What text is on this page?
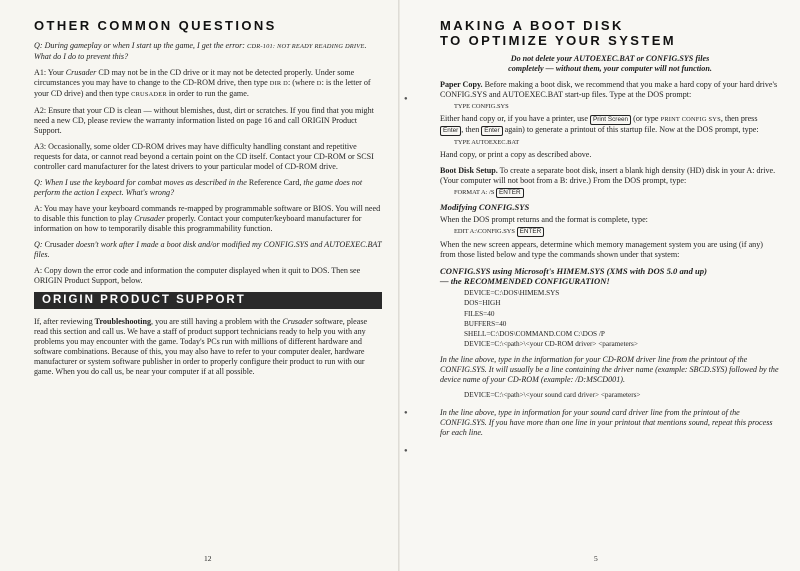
OTHER COMMON QUESTIONS

Q: During gameplay or when I start up the game, I get the error: CDR-101: NOT READY READING DRIVE. What do I do to prevent this?

A1: Your Crusader CD may not be in the CD drive or it may not be detected properly. Under some circumstances you may have to change to the CD-ROM drive, then type DIR D: (where D: is the letter of your CD drive) and then type CRUSADER in order to run the game.

A2: Ensure that your CD is clean — without blemishes, dust, dirt or scratches. If you find that you might need a new CD, please review the warranty information listed on page 16 and call ORIGIN Product Support.

A3: Occasionally, some older CD-ROM drives may have difficulty handling constant and repetitive requests for data, or cannot read beyond a certain point on the CD itself. Contact your CD-ROM or SCSI controller card manufacturer for the latest drivers to your particular model of CD-ROM drive.

Q: When I use the keyboard for combat moves as described in the Reference Card, the game does not perform the action I expect. What's wrong?

A: You may have your keyboard commands re-mapped by programmable software or BIOS. You will need to disable this function to play Crusader properly. Contact your computer/keyboard manufacturer for information on how to temporarily disable this programmability function.

Q: Crusader doesn't work after I made a boot disk and/or modified my CONFIG.SYS and AUTOEXEC.BAT files.

A: Copy down the error code and information the computer displayed when it quit to DOS. Then see ORIGIN Product Support, below.

ORIGIN PRODUCT SUPPORT

If, after reviewing Troubleshooting, you are still having a problem with the Crusader software, please read this section and call us. We have a staff of product support technicians ready to help you with any problems you may encounter with the game. Today's PCs run with millions of different hardware and software combinations. Because of this, you may also have to refer to your computer dealer, hardware manufacturer or system software publisher in order to properly configure their product to run with our game. When you do call us, be near your computer if at all possible.

12
MAKING A BOOT DISK
TO OPTIMIZE YOUR SYSTEM
Do not delete your AUTOEXEC.BAT or CONFIG.SYS files
completely — without them, your computer will not function.

Paper Copy. Before making a boot disk, we recommend that you make a hard copy of your hard drive's CONFIG.SYS and AUTOEXEC.BAT start-up files. Type at the DOS prompt:

TYPE CONFIG.SYS

Either hand copy or, if you have a printer, use Print Screen (or type PRINT CONFIG SYS, then press Enter , then Enter again) to generate a printout of this startup file. Now at the DOS prompt, type:

TYPE AUTOEXEC.BAT

Hand copy, or print a copy as described above.

Boot Disk Setup. To create a separate boot disk, insert a blank high density (HD) disk in your A: drive. (Your computer will not boot from a B: drive.) From the DOS prompt, type:

FORMAT A: /S ENTER
Modifying CONFIG.SYS

When the DOS prompt returns and the format is complete, type:

EDIT A:\CONFIG.SYS ENTER

When the new screen appears, determine which memory management system you are using (if any) from those listed below and type the commands shown under that system:

CONFIG.SYS using Microsoft's HIMEM.SYS (XMS with DOS 5.0 and up)
— the RECOMMENDED CONFIGURATION!
DEVICE=C:\DOS\HIMEM.SYS
DOS=HIGH
FILES=40
BUFFERS=40
SHELL=C:\DOS\COMMAND.COM C:\DOS /P
DEVICE=C:\<path>\<your CD-ROM driver> <parameters>

In the line above, type in the information for your CD-ROM driver line from the printout of the CONFIG.SYS. It will usually be a line containing the driver name (example: SBCD.SYS) followed by the device name of your CD-ROM (example: /D:MSCD001).

DEVICE=C:\<path>\<your sound card driver> <parameters>

In the line above, type in information for your sound card driver line from the printout of the CONFIG.SYS. If you have more than one line in your printout that mentions sound, repeat this process for each line.

5
●
●
●
